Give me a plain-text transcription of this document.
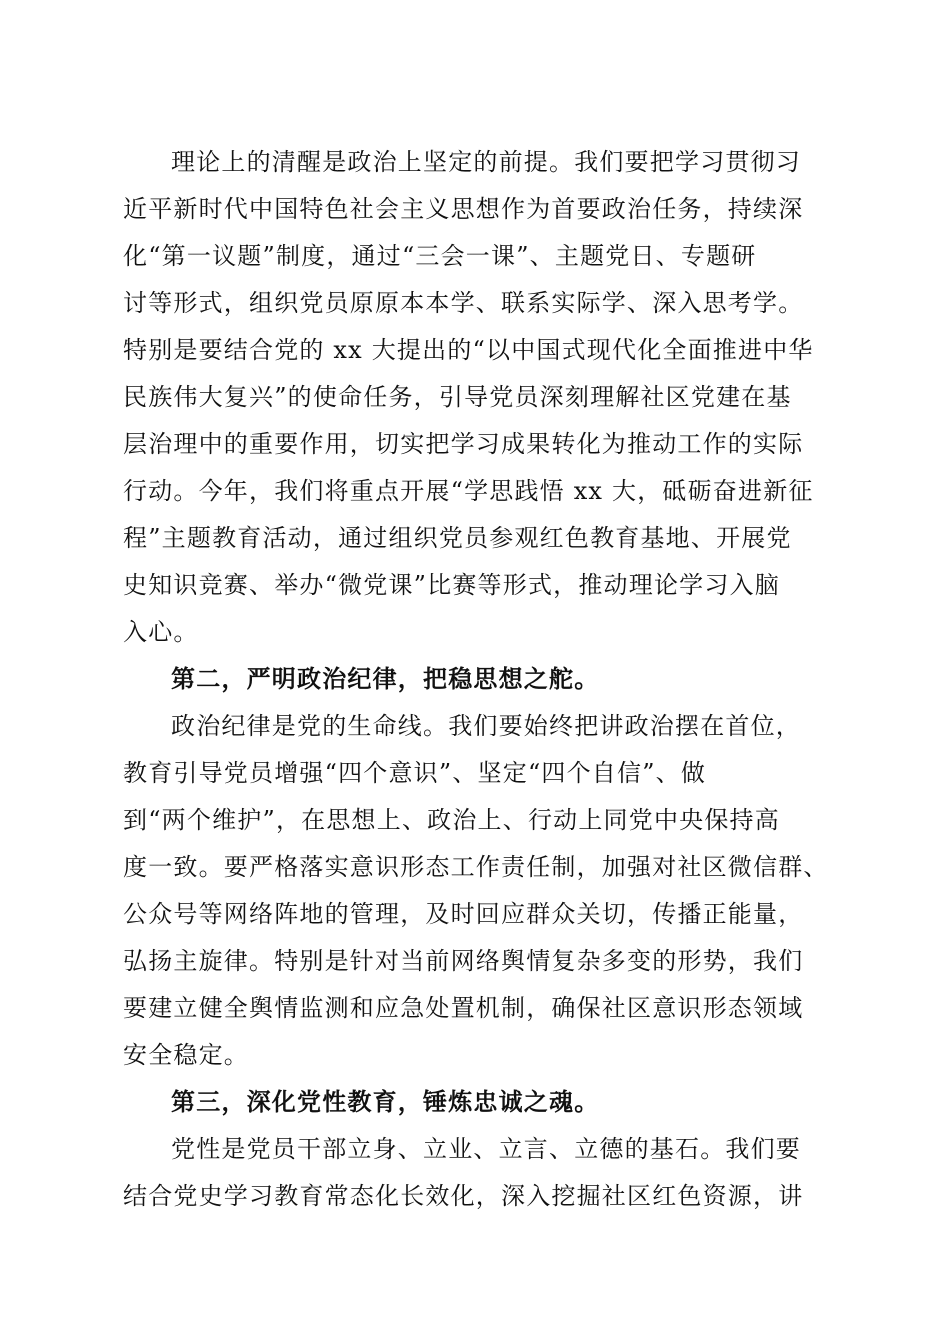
理论上的清醒是政治上坚定的前提。我们要把学习贯彻习
近平新时代中国特色社会主义思想作为首要政治任务，持续深
化“第一议题”制度，通过“三会一课”、主题党日、专题研
讨等形式，组织党员原原本本学、联系实际学、深入思考学。
特别是要结合党的 xx 大提出的“以中国式现代化全面推进中华
民族伟大复兴”的使命任务，引导党员深刻理解社区党建在基
层治理中的重要作用，切实把学习成果转化为推动工作的实际
行动。今年，我们将重点开展“学思践悟 xx 大，砥砺奋进新征
程”主题教育活动，通过组织党员参观红色教育基地、开展党
史知识竞赛、举办“微党课”比赛等形式，推动理论学习入脑
入心。
第二，严明政治纪律，把稳思想之舵。
政治纪律是党的生命线。我们要始终把讲政治摆在首位，
教育引导党员增强“四个意识”、坚定“四个自信”、做
到“两个维护”，在思想上、政治上、行动上同党中央保持高
度一致。要严格落实意识形态工作责任制，加强对社区微信群、
公众号等网络阵地的管理，及时回应群众关切，传播正能量，
弘扬主旋律。特别是针对当前网络舆情复杂多变的形势，我们
要建立健全舆情监测和应急处置机制，确保社区意识形态领域
安全稳定。
第三，深化党性教育，锤炼忠诚之魂。
党性是党员干部立身、立业、立言、立德的基石。我们要
结合党史学习教育常态化长效化，深入挖掘社区红色资源，讲
